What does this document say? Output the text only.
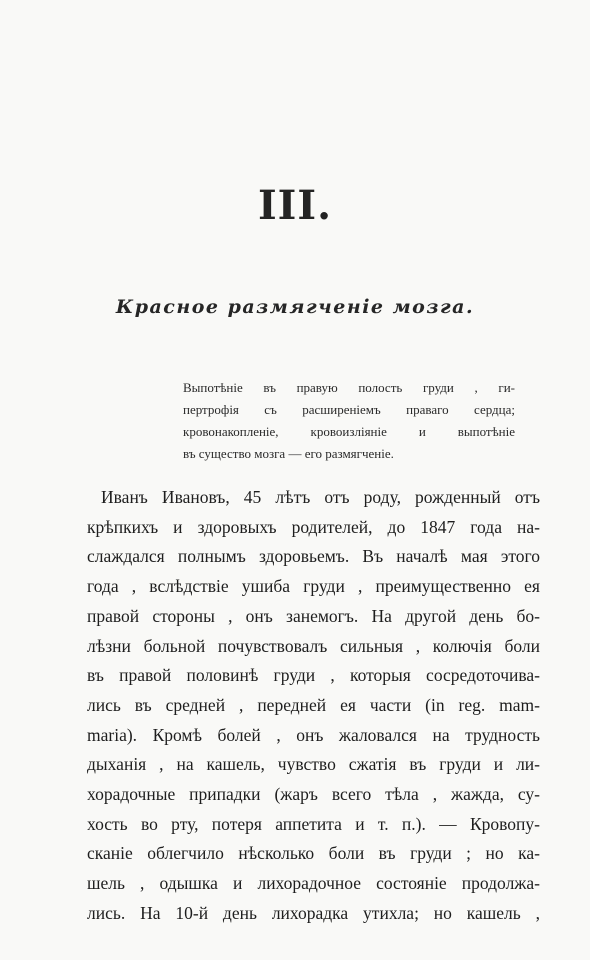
III.
Красное размягченіе мозга.
Выпотѣніе въ правую полость груди , ги-
пертрофія съ расширеніемъ праваго сердца;
кровонакопленіе, кровоизліяніе и выпотѣніе
въ существо мозга — его размягченіе.
Иванъ Ивановъ, 45 лѣтъ отъ роду, рожденный отъ
крѣпкихъ и здоровыхъ родителей, до 1847 года на-
слаждался полнымъ здоровьемъ. Въ началѣ мая этого
года , вслѣдствіе ушиба груди , преимущественно ея
правой стороны , онъ занемогъ. На другой день бо-
лѣзни больной почувствовалъ сильныя , колючія боли
въ правой половинѣ груди , которыя сосредоточива-
лись въ средней , передней ея части (in reg. mam-
maria). Кромѣ болей , онъ жаловался на трудность
дыханія , на кашель, чувство сжатія въ груди и ли-
хорадочные припадки (жаръ всего тѣла , жажда, су-
хость во рту, потеря аппетита и т. п.). — Кровопу-
сканіе облегчило нѣсколько боли въ груди ; но ка-
шель , одышка и лихорадочное состояніе продолжа-
лись. На 10-й день лихорадка утихла; но кашель ,
